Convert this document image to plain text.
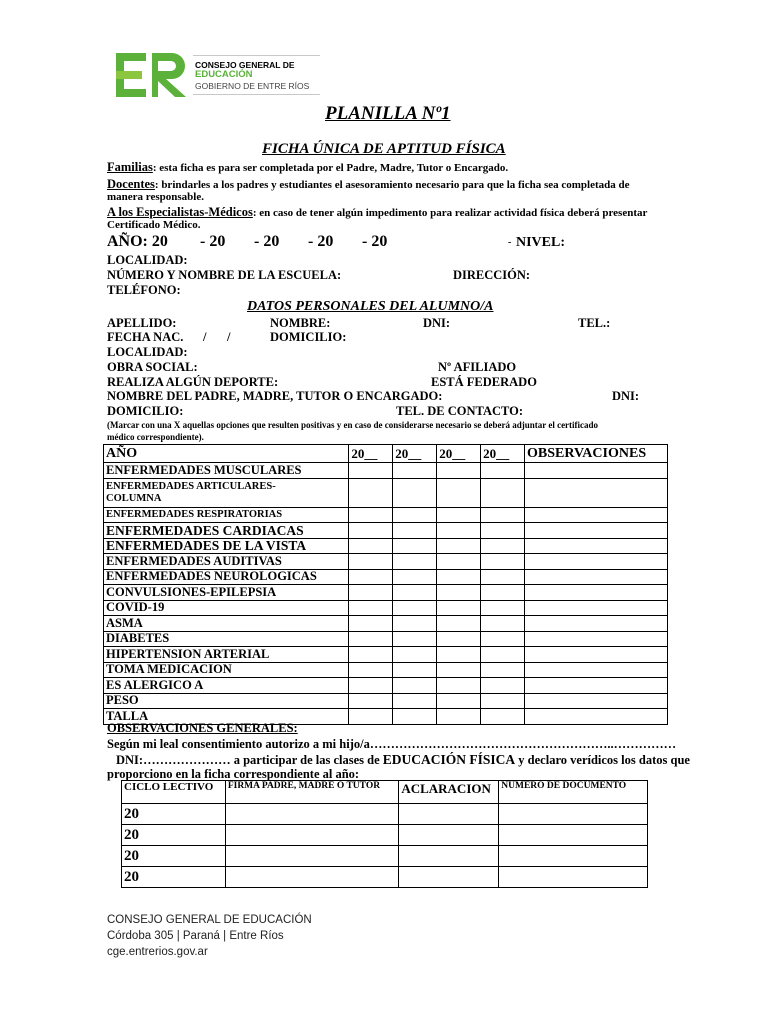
CONSEJO GENERAL DE
EDUCACIÓN
GOBIERNO DE ENTRE RÍOS
PLANILLA Nº1
FICHA ÚNICA DE APTITUD FÍSICA
Familias: esta ficha es para ser completada por el Padre, Madre, Tutor o Encargado.
Docentes: brindarles a los padres y estudiantes el asesoramiento necesario para que la ficha sea completada de
manera responsable.
A los Especialistas-Médicos: en caso de tener algún impedimento para realizar actividad física deberá presentar
Certificado Médico.
AÑO: 20 - 20 - 20 - 20 - 20	- NIVEL:
LOCALIDAD:
NÚMERO Y NOMBRE DE LA ESCUELA:	DIRECCIÓN:
TELÉFONO:
DATOS PERSONALES DEL ALUMNO/A
APELLIDO:	NOMBRE:	DNI:	TEL.:
FECHA NAC. / /	DOMICILIO:
LOCALIDAD:
OBRA SOCIAL:	Nº AFILIADO
REALIZA ALGÚN DEPORTE:	ESTÁ FEDERADO
NOMBRE DEL PADRE, MADRE, TUTOR O ENCARGADO:	DNI:
DOMICILIO:	TEL. DE CONTACTO:
(Marcar con una X aquellas opciones que resulten positivas y en caso de considerarse necesario se deberá adjuntar el certificado
médico correspondiente).
AÑO	20__	20__	20__	20__	OBSERVACIONES
ENFERMEDADES MUSCULARES					
ENFERMEDADES ARTICULARES-
COLUMNA					
ENFERMEDADES RESPIRATORIAS					
ENFERMEDADES CARDIACAS					
ENFERMEDADES DE LA VISTA					
ENFERMEDADES AUDITIVAS					
ENFERMEDADES NEUROLOGICAS					
CONVULSIONES-EPILEPSIA					
COVID-19					
ASMA					
DIABETES					
HIPERTENSION ARTERIAL					
TOMA MEDICACION					
ES ALERGICO A					
PESO					
TALLA					
OBSERVACIONES GENERALES:
Según mi leal consentimiento autorizo a mi hijo/a…………………………………………………..……………
DNI:………………… a participar de las clases de EDUCACIÓN FÍSICA y declaro verídicos los datos que
proporciono en la ficha correspondiente al año:
CICLO LECTIVO	FIRMA PADRE, MADRE O TUTOR	ACLARACION	NUMERO DE DOCUMENTO
20			
20			
20			
20			
CONSEJO GENERAL DE EDUCACIÓN
Córdoba 305 | Paraná | Entre Ríos
cge.entrerios.gov.ar
